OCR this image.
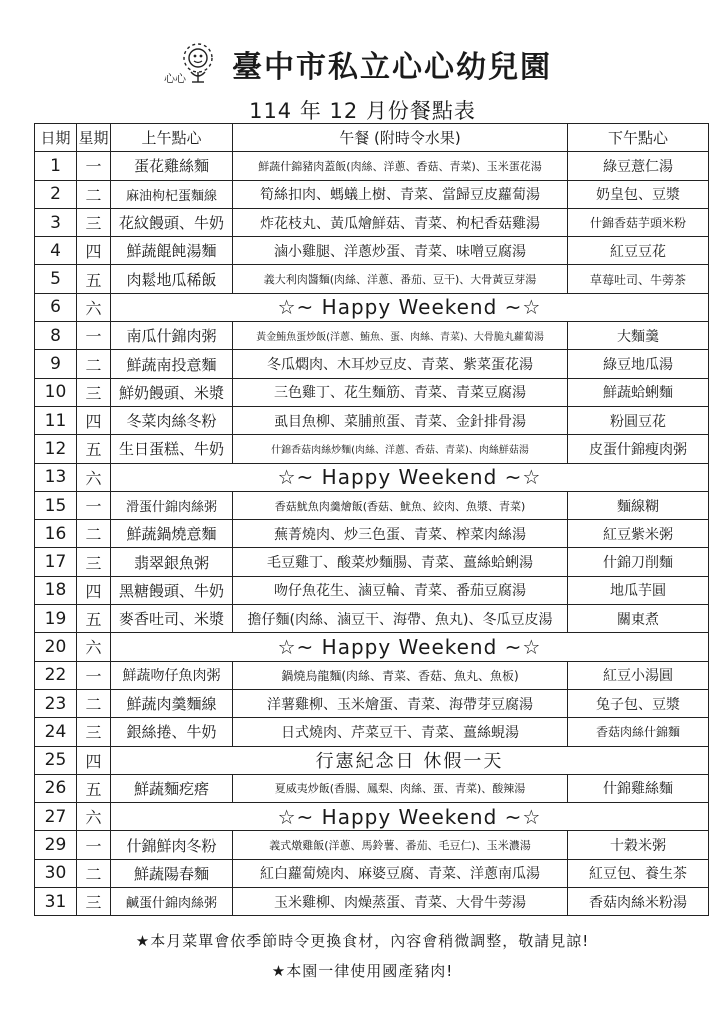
心心 臺中市私立心心幼兒園
114 年 12 月份餐點表
日期	星期	上午點心	午餐 (附時令水果)	下午點心
1	一	蛋花雞絲麵	鮮蔬什錦豬肉蓋飯(肉絲、洋蔥、香菇、青菜)、玉米蛋花湯	綠豆薏仁湯
2	二	麻油枸杞蛋麵線	筍絲扣肉、螞蟻上樹、青菜、當歸豆皮蘿蔔湯	奶皇包、豆漿
3	三	花紋饅頭、牛奶	炸花枝丸、黃瓜燴鮮菇、青菜、枸杞香菇雞湯	什錦香菇芋頭米粉
4	四	鮮蔬餛飩湯麵	滷小雞腿、洋蔥炒蛋、青菜、味噌豆腐湯	紅豆豆花
5	五	肉鬆地瓜稀飯	義大利肉醬麵(肉絲、洋蔥、番茄、豆干)、大骨黃豆芽湯	草莓吐司、牛蒡茶
6	六	☆~ Happy Weekend ~☆		
8	一	南瓜什錦肉粥	黃金鮪魚蛋炒飯(洋蔥、鮪魚、蛋、肉絲、青菜)、大骨脆丸蘿蔔湯	大麵羹
9	二	鮮蔬南投意麵	冬瓜燜肉、木耳炒豆皮、青菜、紫菜蛋花湯	綠豆地瓜湯
10	三	鮮奶饅頭、米漿	三色雞丁、花生麵筋、青菜、青菜豆腐湯	鮮蔬蛤蜊麵
11	四	冬菜肉絲冬粉	虱目魚柳、菜脯煎蛋、青菜、金針排骨湯	粉圓豆花
12	五	生日蛋糕、牛奶	什錦香菇肉絲炒麵(肉絲、洋蔥、香菇、青菜)、肉絲鮮菇湯	皮蛋什錦瘦肉粥
13	六	☆~ Happy Weekend ~☆		
15	一	滑蛋什錦肉絲粥	香菇魷魚肉羹燴飯(香菇、魷魚、絞肉、魚漿、青菜)	麵線糊
16	二	鮮蔬鍋燒意麵	蕪菁燒肉、炒三色蛋、青菜、榨菜肉絲湯	紅豆紫米粥
17	三	翡翠銀魚粥	毛豆雞丁、酸菜炒麵腸、青菜、薑絲蛤蜊湯	什錦刀削麵
18	四	黑糖饅頭、牛奶	吻仔魚花生、滷豆輪、青菜、番茄豆腐湯	地瓜芋圓
19	五	麥香吐司、米漿	擔仔麵(肉絲、滷豆干、海帶、魚丸)、冬瓜豆皮湯	關東煮
20	六	☆~ Happy Weekend ~☆		
22	一	鮮蔬吻仔魚肉粥	鍋燒烏龍麵(肉絲、青菜、香菇、魚丸、魚板)	紅豆小湯圓
23	二	鮮蔬肉羹麵線	洋薯雞柳、玉米燴蛋、青菜、海帶芽豆腐湯	兔子包、豆漿
24	三	銀絲捲、牛奶	日式燒肉、芹菜豆干、青菜、薑絲蜆湯	香菇肉絲什錦麵
25	四	行憲紀念日 休假一天		
26	五	鮮蔬麵疙瘩	夏威夷炒飯(香腸、鳳梨、肉絲、蛋、青菜)、酸辣湯	什錦雞絲麵
27	六	☆~ Happy Weekend ~☆		
29	一	什錦鮮肉冬粉	義式燉雞飯(洋蔥、馬鈴薯、番茄、毛豆仁)、玉米濃湯	十穀米粥
30	二	鮮蔬陽春麵	紅白蘿蔔燒肉、麻婆豆腐、青菜、洋蔥南瓜湯	紅豆包、養生茶
31	三	鹹蛋什錦肉絲粥	玉米雞柳、肉燥蒸蛋、青菜、大骨牛蒡湯	香菇肉絲米粉湯
★本月菜單會依季節時令更換食材，內容會稍微調整，敬請見諒!
★本園一律使用國產豬肉!
